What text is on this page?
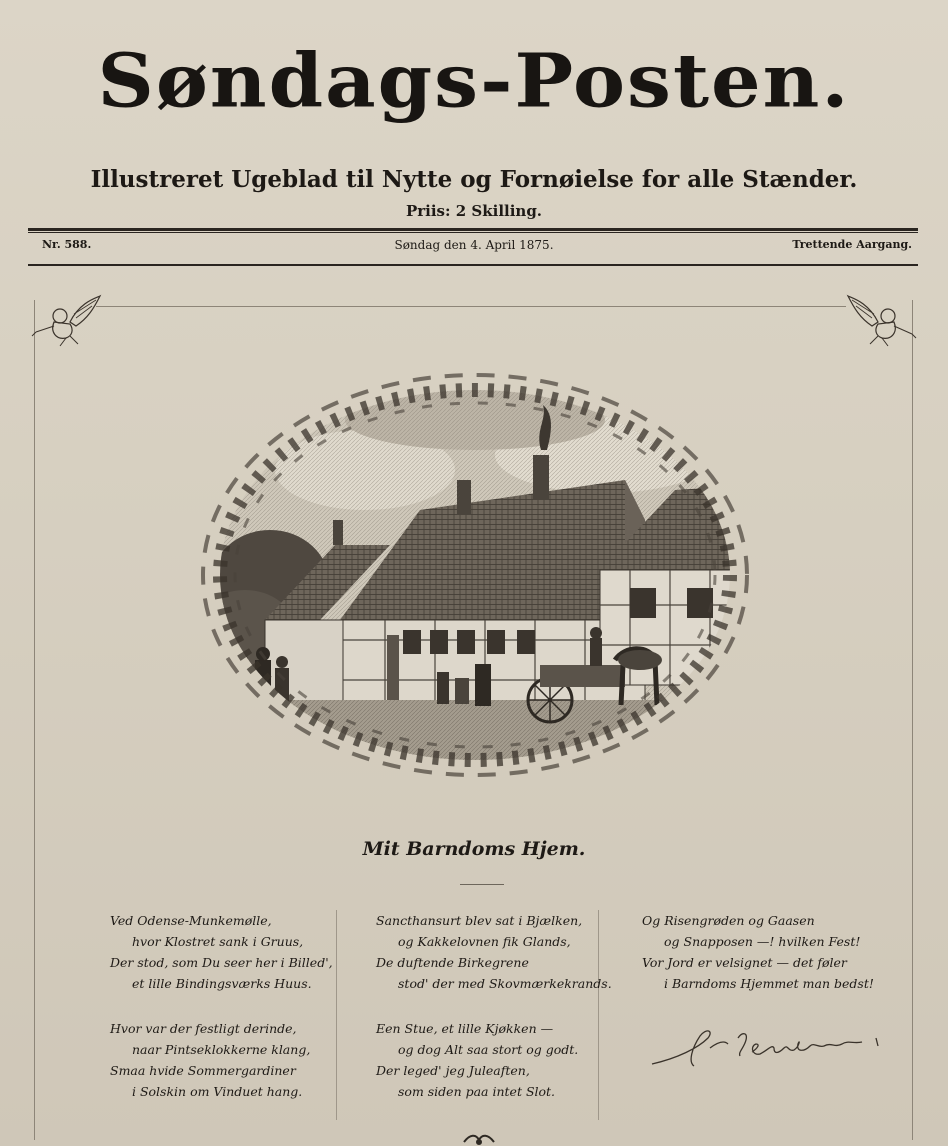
Søndags-Posten.
Illustreret Ugeblad til Nytte og Fornøielse for alle Stænder.
Priis: 2 Skilling.
Nr. 588.	Søndag den 4. April 1875.	Trettende Aargang.
Mit Barndoms Hjem.
Ved Odense-Munkemølle,
hvor Klostret sank i Gruus,
Der stod, som Du seer her i Billed',
et lille Bindingsværks Huus.
Hvor var der festligt derinde,
naar Pintseklokkerne klang,
Smaa hvide Sommergardiner
i Solskin om Vinduet hang.
Sancthansurt blev sat i Bjælken,
og Kakkelovnen fik Glands,
De duftende Birkegrene
stod' der med Skovmærkekrands.
Een Stue, et lille Kjøkken —
og dog Alt saa stort og godt.
Der leged' jeg Juleaften,
som siden paa intet Slot.
Og Risengrøden og Gaasen
og Snapposen —! hvilken Fest!
Vor Jord er velsignet — det føler
i Barndoms Hjemmet man bedst!
